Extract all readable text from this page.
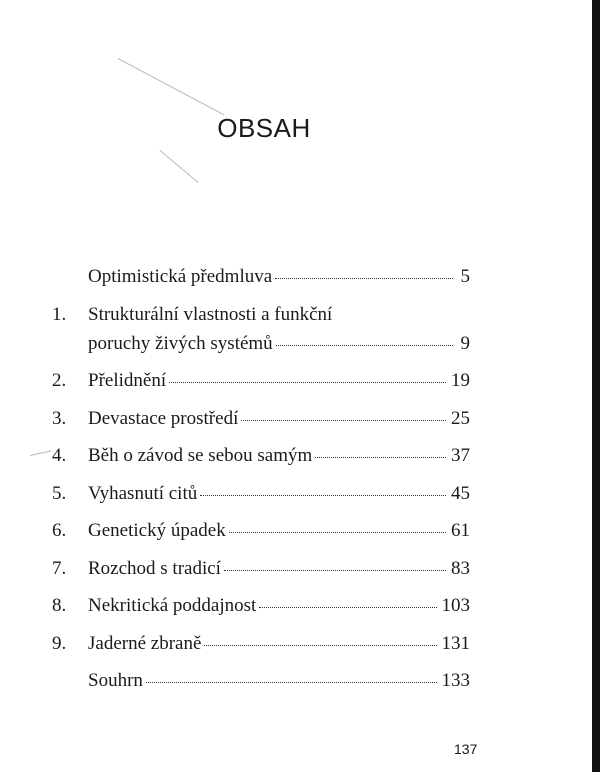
OBSAH
Optimistická předmluva	5
1.	Strukturální vlastnosti a funkční
poruchy živých systémů	9
2.	Přelidnění	19
3.	Devastace prostředí	25
4.	Běh o závod se sebou samým	37
5.	Vyhasnutí citů	45
6.	Genetický úpadek	61
7.	Rozchod s tradicí	83
8.	Nekritická poddajnost	103
9.	Jaderné zbraně	131
Souhrn	133
137
